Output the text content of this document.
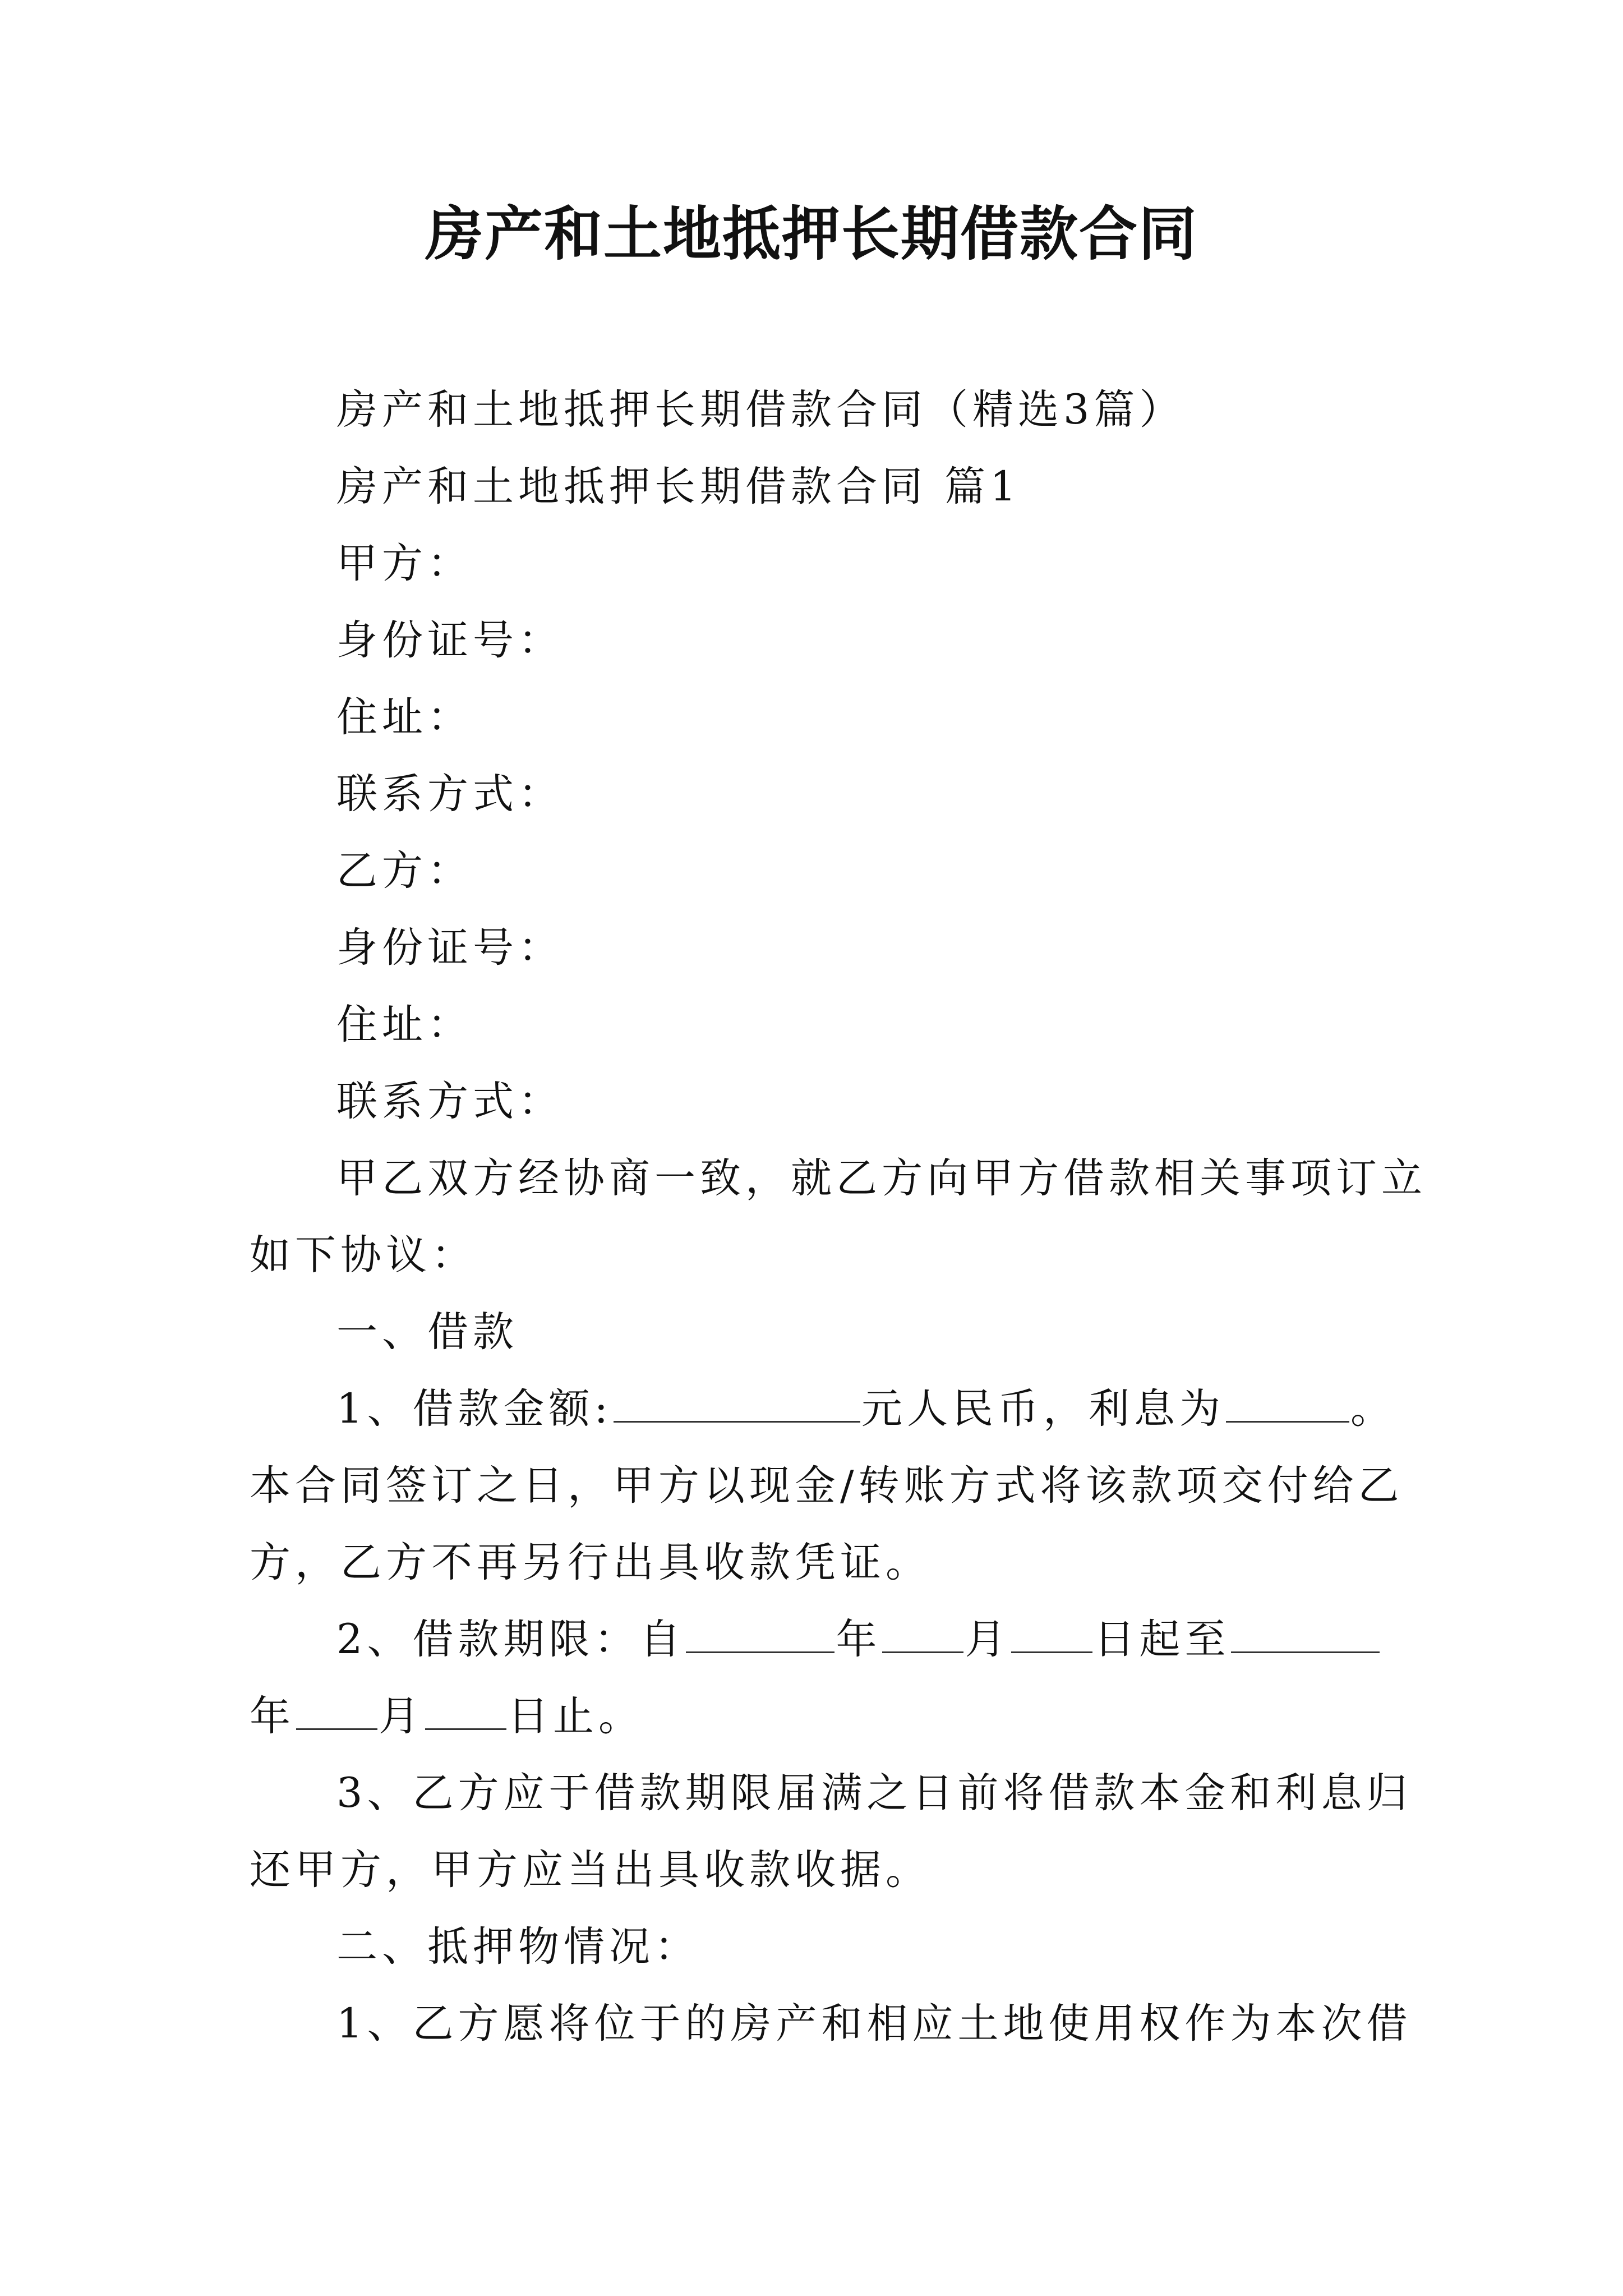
房产和土地抵押长期借款合同
房产和土地抵押长期借款合同（精选3篇）
房产和土地抵押长期借款合同 篇1
甲方：
身份证号：
住址：
联系方式：
乙方：
身份证号：
住址：
联系方式：
甲乙双方经协商一致，就乙方向甲方借款相关事项订立
如下协议：
一、借款
1、借款金额:	元人民币，利息为	。
本合同签订之日，甲方以现金/转账方式将该款项交付给乙
方，乙方不再另行出具收款凭证。
2、借款期限：自	年 月 日起至
年 月 日止。
3、乙方应于借款期限届满之日前将借款本金和利息归
还甲方，甲方应当出具收款收据。
二、抵押物情况：
1、乙方愿将位于的房产和相应土地使用权作为本次借
